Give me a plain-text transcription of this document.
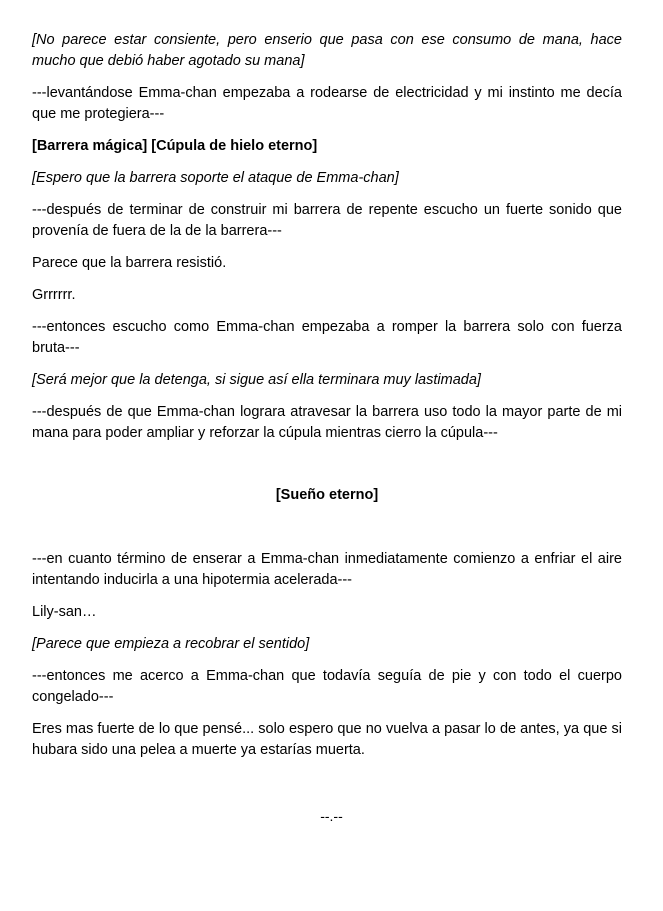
[No parece estar consiente, pero enserio que pasa con ese consumo de mana, hace mucho que debió haber agotado su mana]

---levantándose Emma-chan empezaba a rodearse de electricidad y mi instinto me decía que me protegiera---

[Barrera mágica] [Cúpula de hielo eterno]

[Espero que la barrera soporte el ataque de Emma-chan]

---después de terminar de construir mi barrera de repente escucho un fuerte sonido que provenía de fuera de la de la barrera---

Parece que la barrera resistió.

Grrrrrr.

---entonces escucho como Emma-chan empezaba a romper la barrera solo con fuerza bruta---

[Será mejor que la detenga, si sigue así ella terminara muy lastimada]

---después de que Emma-chan lograra atravesar la barrera uso todo la mayor parte de mi mana para poder ampliar y reforzar la cúpula mientras cierro la cúpula---

[Sueño eterno]

---en cuanto término de enserar a Emma-chan inmediatamente comienzo a enfriar el aire intentando inducirla a una hipotermia acelerada---

Lily-san…

[Parece que empieza a recobrar el sentido]

---entonces me acerco a Emma-chan que todavía seguía de pie y con todo el cuerpo congelado---

Eres mas fuerte de lo que pensé... solo espero que no vuelva a pasar lo de antes, ya que si hubara sido una pelea a muerte ya estarías muerta.

--.--
